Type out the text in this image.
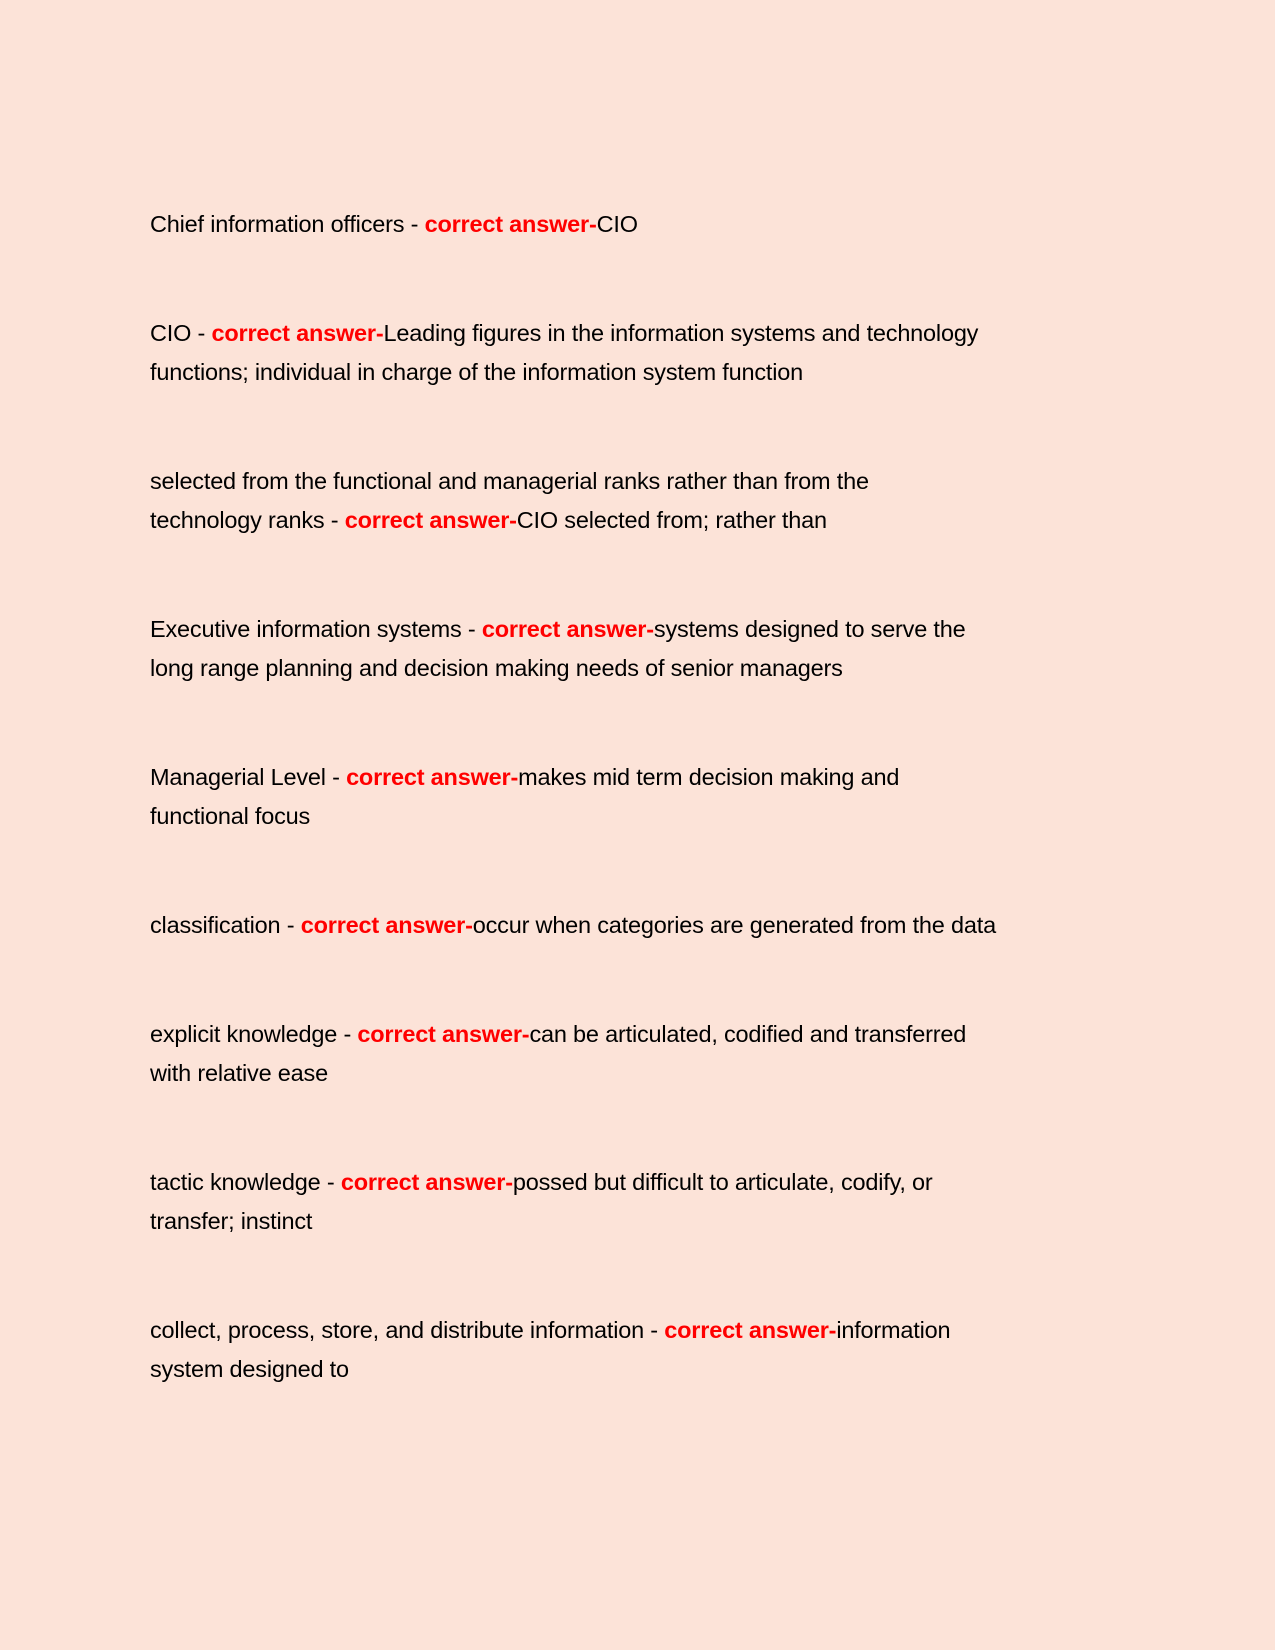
Chief information officers - correct answer-CIO
CIO - correct answer-Leading figures in the information systems and technology
functions; individual in charge of the information system function
selected from the functional and managerial ranks rather than from the
technology ranks - correct answer-CIO selected from; rather than
Executive information systems - correct answer-systems designed to serve the
long range planning and decision making needs of senior managers
Managerial Level - correct answer-makes mid term decision making and
functional focus
classification - correct answer-occur when categories are generated from the data
explicit knowledge - correct answer-can be articulated, codified and transferred
with relative ease
tactic knowledge - correct answer-possed but difficult to articulate, codify, or
transfer; instinct
collect, process, store, and distribute information - correct answer-information
system designed to
